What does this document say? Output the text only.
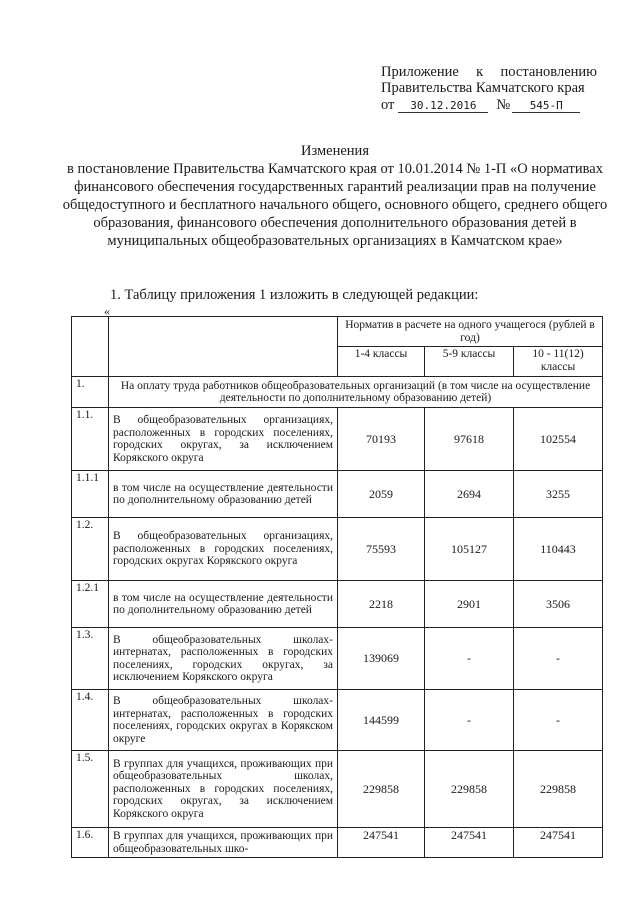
Приложение к постановлению
Правительства Камчатского края
от	30.12.2016	№	545-П
Изменения
в постановление Правительства Камчатского края от 10.01.2014 № 1-П «О нормативах финансового обеспечения государственных гарантий реализации прав на получение общедоступного и бесплатного начального общего, основного общего, среднего общего образования, финансового обеспечения дополнительного образования детей в муниципальных общеобразовательных организациях в Камчатском крае»
1. Таблицу приложения 1 изложить в следующей редакции:
«
		Норматив в расчете на одного учащегося (рублей в год)		
		1-4 классы	5-9 классы	10 - 11(12) классы
1.	На оплату труда работников общеобразовательных организаций (в том числе на осуществление деятельности по дополнительному образованию детей)			
1.1.	В общеобразовательных организациях, расположенных в городских поселениях, городских округах, за исключением Корякского округа	70193	97618	102554
1.1.1	в том числе на осуществление деятельности по дополнительному образованию детей	2059	2694	3255
1.2.	В общеобразовательных организациях, расположенных в городских поселениях, городских округах Корякского округа	75593	105127	110443
1.2.1	в том числе на осуществление деятельности по дополнительному образованию детей	2218	2901	3506
1.3.	В общеобразовательных школах-интернатах, расположенных в городских поселениях, городских округах, за исключением Корякского округа	139069	-	-
1.4.	В общеобразовательных школах-интернатах, расположенных в городских поселениях, городских округах в Корякском округе	144599	-	-
1.5.	В группах для учащихся, проживающих при общеобразовательных школах, расположенных в городских поселениях, городских округах, за исключением Корякского округа	229858	229858	229858
1.6.	В группах для учащихся, проживающих при общеобразовательных шко-	247541	247541	247541
